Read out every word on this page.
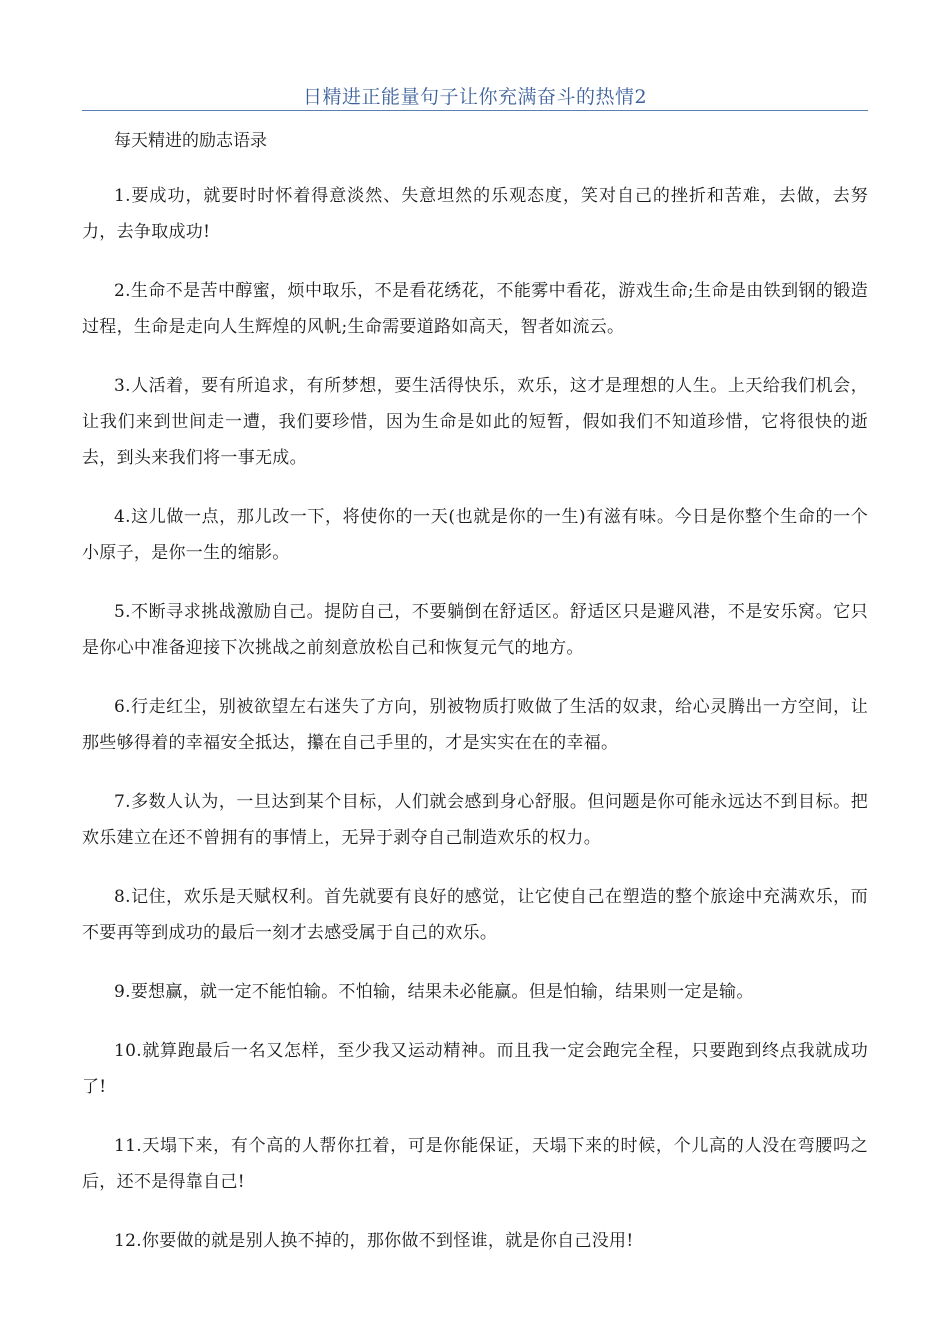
日精进正能量句子让你充满奋斗的热情2

每天精进的励志语录

1.要成功，就要时时怀着得意淡然、失意坦然的乐观态度，笑对自己的挫折和苦难，去做，去努力，去争取成功!

2.生命不是苦中醇蜜，烦中取乐，不是看花绣花，不能雾中看花，游戏生命;生命是由铁到钢的锻造过程，生命是走向人生辉煌的风帆;生命需要道路如高天，智者如流云。

3.人活着，要有所追求，有所梦想，要生活得快乐，欢乐，这才是理想的人生。上天给我们机会，让我们来到世间走一遭，我们要珍惜，因为生命是如此的短暂，假如我们不知道珍惜，它将很快的逝去，到头来我们将一事无成。

4.这儿做一点，那儿改一下，将使你的一天(也就是你的一生)有滋有味。今日是你整个生命的一个小原子，是你一生的缩影。

5.不断寻求挑战激励自己。提防自己，不要躺倒在舒适区。舒适区只是避风港，不是安乐窝。它只是你心中准备迎接下次挑战之前刻意放松自己和恢复元气的地方。

6.行走红尘，别被欲望左右迷失了方向，别被物质打败做了生活的奴隶，给心灵腾出一方空间，让那些够得着的幸福安全抵达，攥在自己手里的，才是实实在在的幸福。

7.多数人认为，一旦达到某个目标，人们就会感到身心舒服。但问题是你可能永远达不到目标。把欢乐建立在还不曾拥有的事情上，无异于剥夺自己制造欢乐的权力。

8.记住，欢乐是天赋权利。首先就要有良好的感觉，让它使自己在塑造的整个旅途中充满欢乐，而不要再等到成功的最后一刻才去感受属于自己的欢乐。

9.要想赢，就一定不能怕输。不怕输，结果未必能赢。但是怕输，结果则一定是输。

10.就算跑最后一名又怎样，至少我又运动精神。而且我一定会跑完全程，只要跑到终点我就成功了!

11.天塌下来，有个高的人帮你扛着，可是你能保证，天塌下来的时候，个儿高的人没在弯腰吗之后，还不是得靠自己!

12.你要做的就是别人换不掉的，那你做不到怪谁，就是你自己没用!
